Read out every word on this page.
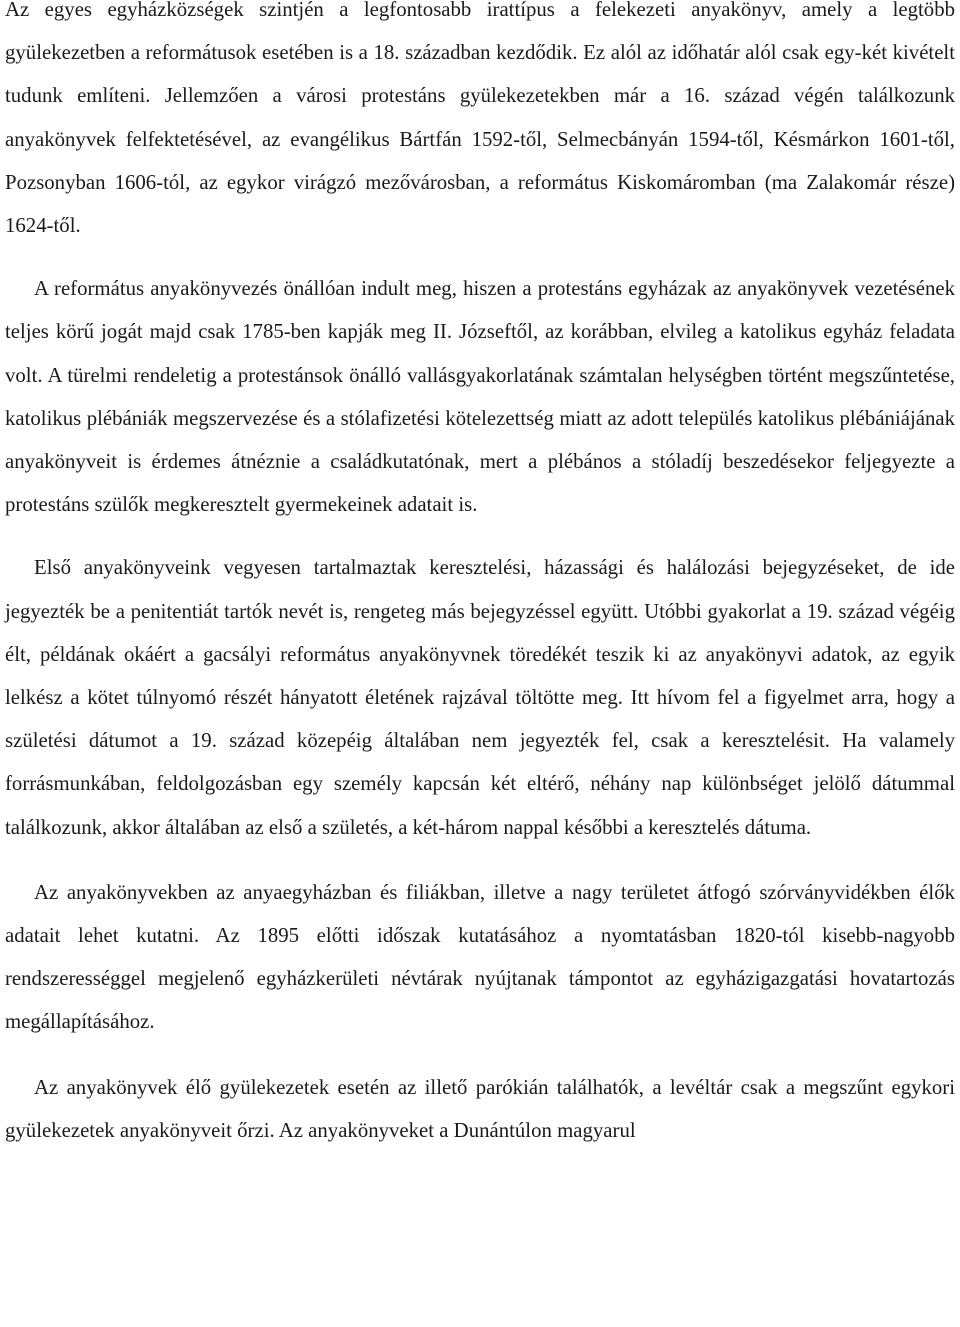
Az egyes egyházközségek szintjén a legfontosabb irattípus a felekezeti anyakönyv, amely a legtöbb gyülekezetben a reformátusok esetében is a 18. században kezdődik. Ez alól az időhatár alól csak egy-két kivételt tudunk említeni. Jellemzően a városi protestáns gyülekezetekben már a 16. század végén találkozunk anyakönyvek felfektetésével, az evangélikus Bártfán 1592-től, Selmecbányán 1594-től, Késmárkon 1601-től, Pozsonyban 1606-tól, az egykor virágzó mezővárosban, a református Kiskomáromban (ma Zalakomár része) 1624-től.

A református anyakönyvezés önállóan indult meg, hiszen a protestáns egyházak az anyakönyvek vezetésének teljes körű jogát majd csak 1785-ben kapják meg II. Józseftől, az korábban, elvileg a katolikus egyház feladata volt. A türelmi rendeletig a protestánsok önálló vallásgyakorlatának számtalan helységben történt megszűntetése, katolikus plébániák megszervezése és a stólafizetési kötelezettség miatt az adott település katolikus plébániájának anyakönyveit is érdemes átnéznie a családkutatónak, mert a plébános a stóladíj beszedésekor feljegyezte a protestáns szülők megkeresztelt gyermekeinek adatait is.

Első anyakönyveink vegyesen tartalmaztak keresztelési, házassági és halálozási bejegyzéseket, de ide jegyezték be a penitentiát tartók nevét is, rengeteg más bejegyzéssel együtt. Utóbbi gyakorlat a 19. század végéig élt, példának okáért a gacsályi református anyakönyvnek töredékét teszik ki az anyakönyvi adatok, az egyik lelkész a kötet túlnyomó részét hányatott életének rajzával töltötte meg. Itt hívom fel a figyelmet arra, hogy a születési dátumot a 19. század közepéig általában nem jegyezték fel, csak a keresztelésit. Ha valamely forrásmunkában, feldolgozásban egy személy kapcsán két eltérő, néhány nap különbséget jelölő dátummal találkozunk, akkor általában az első a születés, a két-három nappal későbbi a keresztelés dátuma.

Az anyakönyvekben az anyaegyházban és filiákban, illetve a nagy területet átfogó szórványvidékben élők adatait lehet kutatni. Az 1895 előtti időszak kutatásához a nyomtatásban 1820-tól kisebb-nagyobb rendszerességgel megjelenő egyházkerületi névtárak nyújtanak támpontot az egyházigazgatási hovatartozás megállapításához.

Az anyakönyvek élő gyülekezetek esetén az illető parókián találhatók, a levéltár csak a megszűnt egykori gyülekezetek anyakönyveit őrzi. Az anyakönyveket a Dunántúlon magyarul
